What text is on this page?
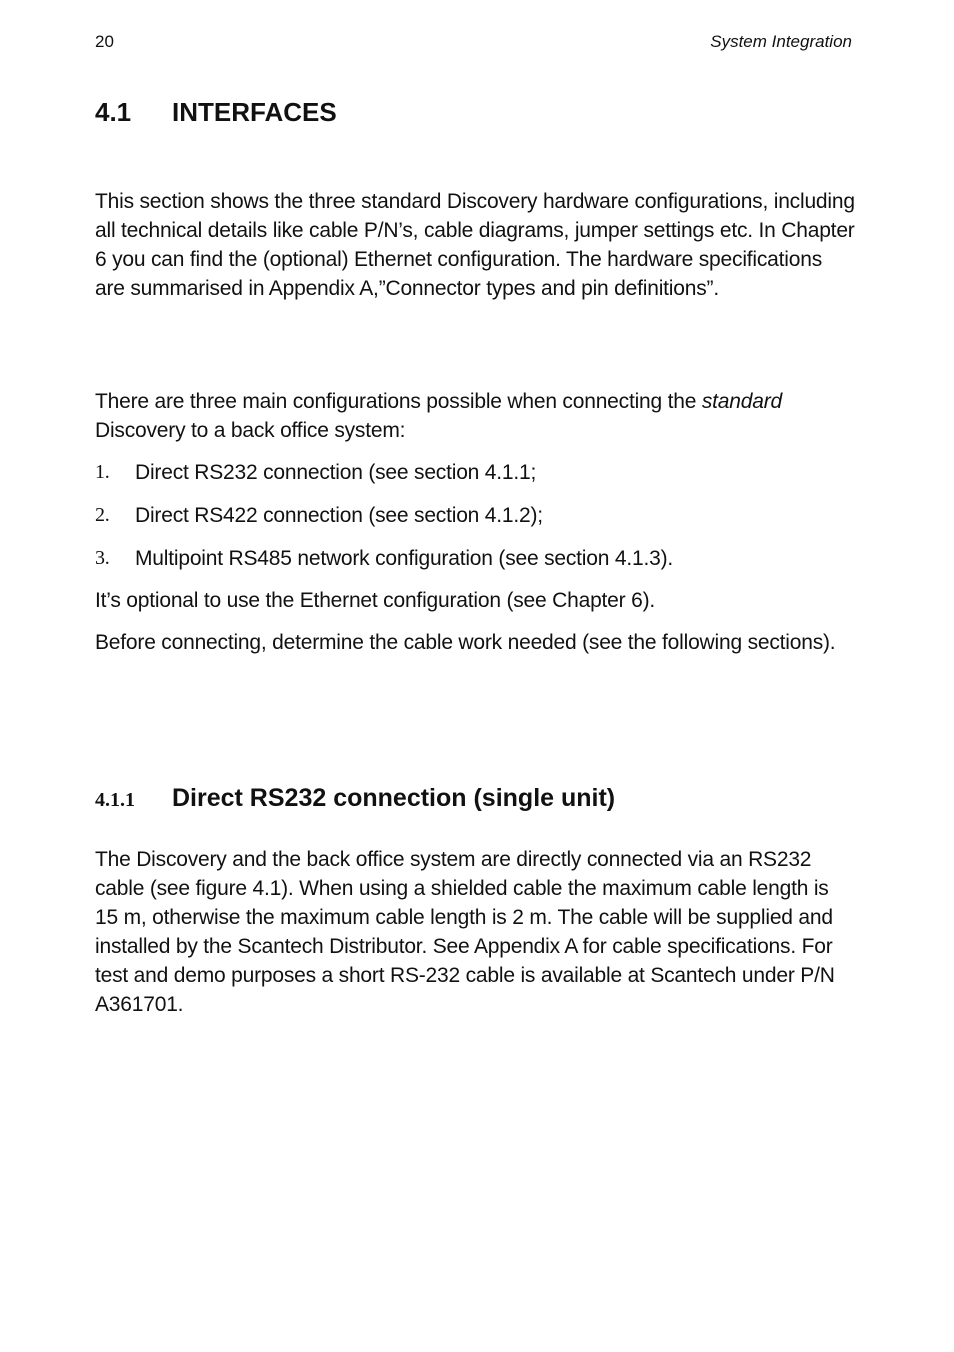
20	System Integration
4.1	INTERFACES

This section shows the three standard Discovery hardware configurations, including all technical details like cable P/N’s, cable diagrams, jumper settings etc. In Chapter 6 you can find the (optional) Ethernet configuration. The hardware specifications are summarised in Appendix A,”Connector types and pin definitions”.

There are three main configurations possible when connecting the standard Discovery to a back office system:

1.	Direct RS232 connection (see section 4.1.1;
2.	Direct RS422 connection (see section 4.1.2);
3.	Multipoint RS485 network configuration (see section 4.1.3).

It’s optional to use the Ethernet configuration (see Chapter 6).

Before connecting, determine the cable work needed (see the following sections).

4.1.1	Direct RS232 connection (single unit)

The Discovery and the back office system are directly connected via an RS232 cable (see figure 4.1). When using a shielded cable the maximum cable length is 15 m, otherwise the maximum cable length is 2 m. The cable will be supplied and installed by the Scantech Distributor. See Appendix A for cable specifications. For test and demo purposes a short RS-232 cable is available at Scantech under P/N A361701.
